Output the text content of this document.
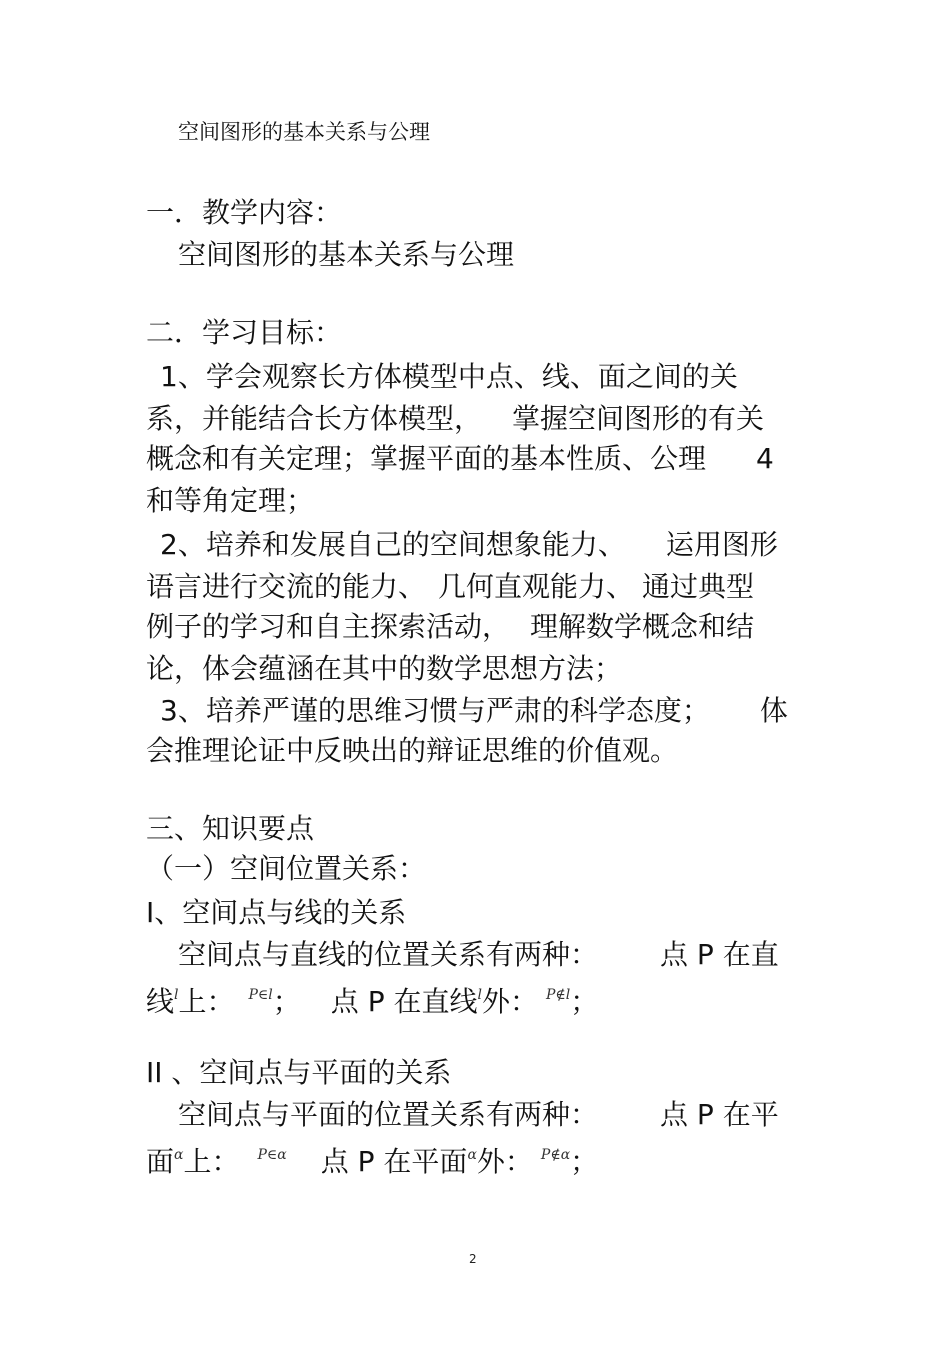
空间图形的基本关系与公理
一．教学内容：
空间图形的基本关系与公理
二．学习目标：
1、学会观察长方体模型中点、线、面之间的关
系，并能结合长方体模型， 掌握空间图形的有关
概念和有关定理；掌握平面的基本性质、公理 4
和等角定理；
2、培养和发展自己的空间想象能力、 运用图形
语言进行交流的能力、 几何直观能力、 通过典型
例子的学习和自主探索活动， 理解数学概念和结
论，体会蕴涵在其中的数学思想方法；
3、培养严谨的思维习惯与严肃的科学态度； 体
会推理论证中反映出的辩证思维的价值观。
三、知识要点
（一）空间位置关系：
I、空间点与线的关系
空间点与直线的位置关系有两种： 点 P 在直
线$^l$上： $^{P\in l}$； 点 P 在直线$^l$外： $^{P\notin l}$；
II 、空间点与平面的关系
空间点与平面的位置关系有两种： 点 P 在平
面$^\alpha$上： $^{P\in\alpha}$ 点 P 在平面$^\alpha$外： $^{P\notin\alpha}$；
2
